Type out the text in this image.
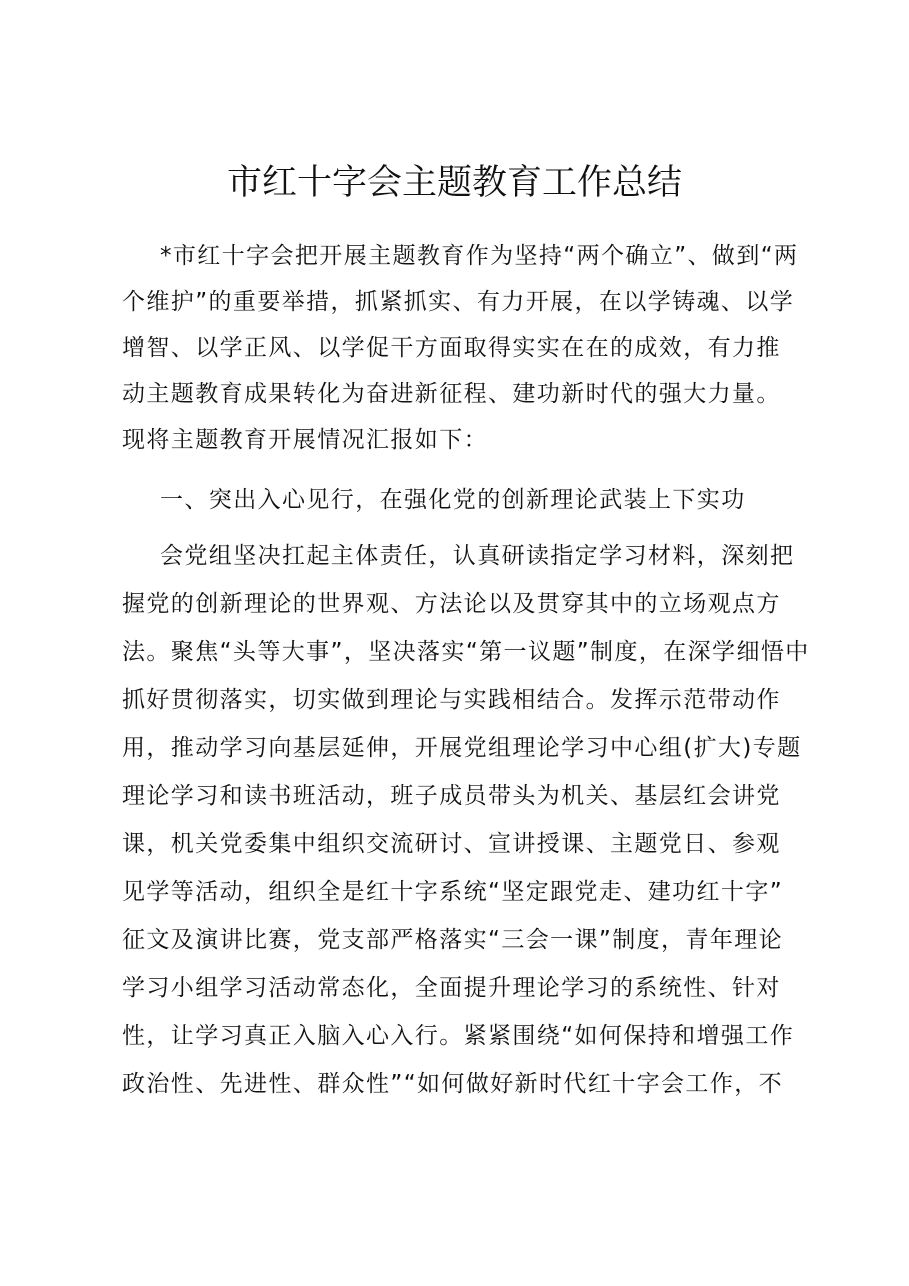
市红十字会主题教育工作总结
*市红十字会把开展主题教育作为坚持“两个确立”、做到“两
个维护”的重要举措，抓紧抓实、有力开展，在以学铸魂、以学
增智、以学正风、以学促干方面取得实实在在的成效，有力推
动主题教育成果转化为奋进新征程、建功新时代的强大力量。
现将主题教育开展情况汇报如下：
一、突出入心见行，在强化党的创新理论武装上下实功
会党组坚决扛起主体责任，认真研读指定学习材料，深刻把
握党的创新理论的世界观、方法论以及贯穿其中的立场观点方
法。聚焦“头等大事”，坚决落实“第一议题”制度，在深学细悟中
抓好贯彻落实，切实做到理论与实践相结合。发挥示范带动作
用，推动学习向基层延伸，开展党组理论学习中心组(扩大)专题
理论学习和读书班活动，班子成员带头为机关、基层红会讲党
课，机关党委集中组织交流研讨、宣讲授课、主题党日、参观
见学等活动，组织全是红十字系统“坚定跟党走、建功红十字”
征文及演讲比赛，党支部严格落实“三会一课”制度，青年理论
学习小组学习活动常态化，全面提升理论学习的系统性、针对
性，让学习真正入脑入心入行。紧紧围绕“如何保持和增强工作
政治性、先进性、群众性”“如何做好新时代红十字会工作，不
